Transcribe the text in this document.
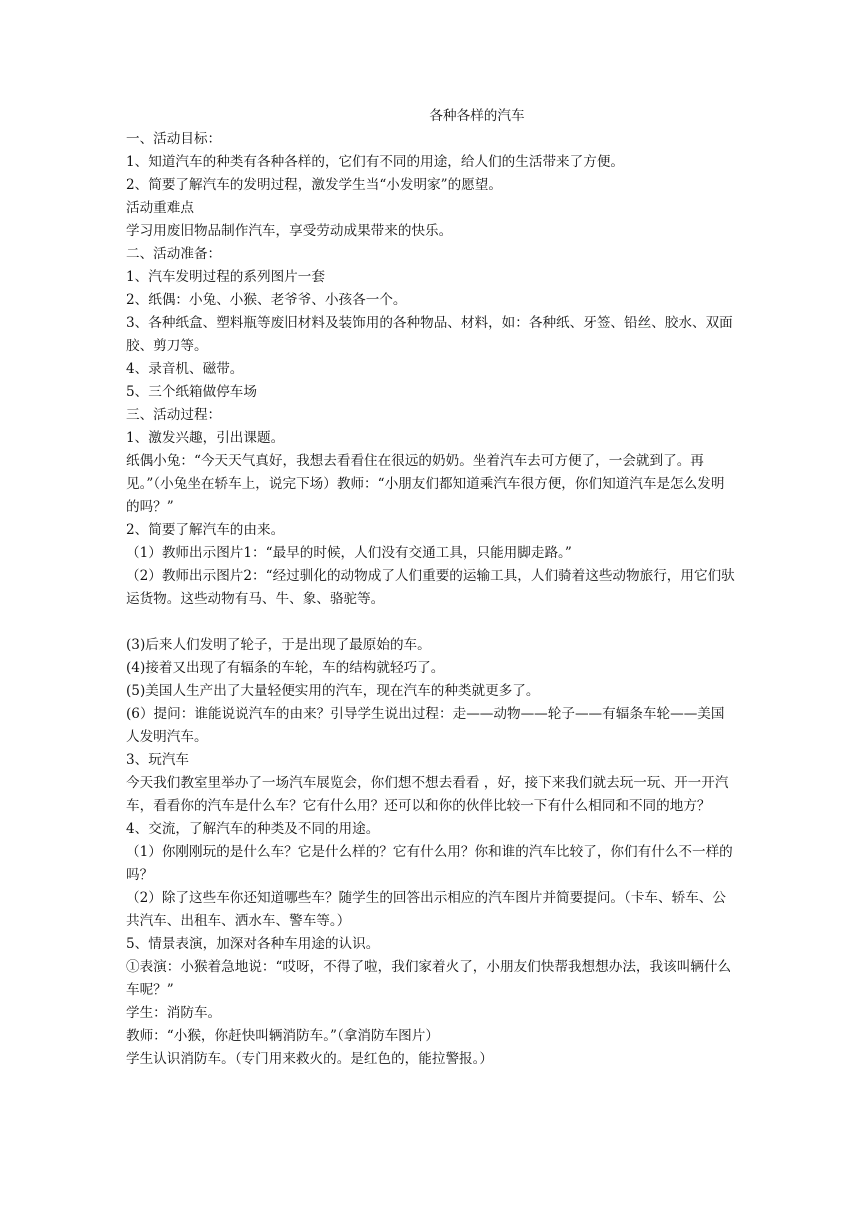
各种各样的汽车

一、活动目标：

1、知道汽车的种类有各种各样的，它们有不同的用途，给人们的生活带来了方便。

2、简要了解汽车的发明过程，激发学生当“小发明家”的愿望。

活动重难点

学习用废旧物品制作汽车，享受劳动成果带来的快乐。

二、活动准备：

1、汽车发明过程的系列图片一套

2、纸偶：小兔、小猴、老爷爷、小孩各一个。

3、各种纸盒、塑料瓶等废旧材料及装饰用的各种物品、材料，如：各种纸、牙签、铅丝、胶水、双面胶、剪刀等。

4、录音机、磁带。

5、三个纸箱做停车场

三、活动过程：

1、激发兴趣，引出课题。

纸偶小兔：“今天天气真好，我想去看看住在很远的奶奶。坐着汽车去可方便了，一会就到了。再见。”（小兔坐在轿车上，说完下场）教师：“小朋友们都知道乘汽车很方便，你们知道汽车是怎么发明的吗？”

2、简要了解汽车的由来。

（1）教师出示图片1：“最早的时候，人们没有交通工具，只能用脚走路。”

（2）教师出示图片2：“经过驯化的动物成了人们重要的运输工具，人们骑着这些动物旅行，用它们驮运货物。这些动物有马、牛、象、骆驼等。

(3)后来人们发明了轮子，于是出现了最原始的车。

(4)接着又出现了有辐条的车轮，车的结构就轻巧了。

(5)美国人生产出了大量轻便实用的汽车，现在汽车的种类就更多了。

(6）提问：谁能说说汽车的由来？引导学生说出过程：走——动物——轮子——有辐条车轮——美国人发明汽车。

3、玩汽车

今天我们教室里举办了一场汽车展览会，你们想不想去看看 ，好，接下来我们就去玩一玩、开一开汽车，看看你的汽车是什么车？它有什么用？还可以和你的伙伴比较一下有什么相同和不同的地方？

4、交流，了解汽车的种类及不同的用途。

（1）你刚刚玩的是什么车？它是什么样的？它有什么用？你和谁的汽车比较了，你们有什么不一样的吗？

（2）除了这些车你还知道哪些车？随学生的回答出示相应的汽车图片并简要提问。（卡车、轿车、公共汽车、出租车、洒水车、警车等。）

5、情景表演，加深对各种车用途的认识。

①表演：小猴着急地说：“哎呀，不得了啦，我们家着火了，小朋友们快帮我想想办法，我该叫辆什么车呢？”

学生：消防车。

教师：“小猴，你赶快叫辆消防车。”（拿消防车图片）

学生认识消防车。（专门用来救火的。是红色的，能拉警报。）
